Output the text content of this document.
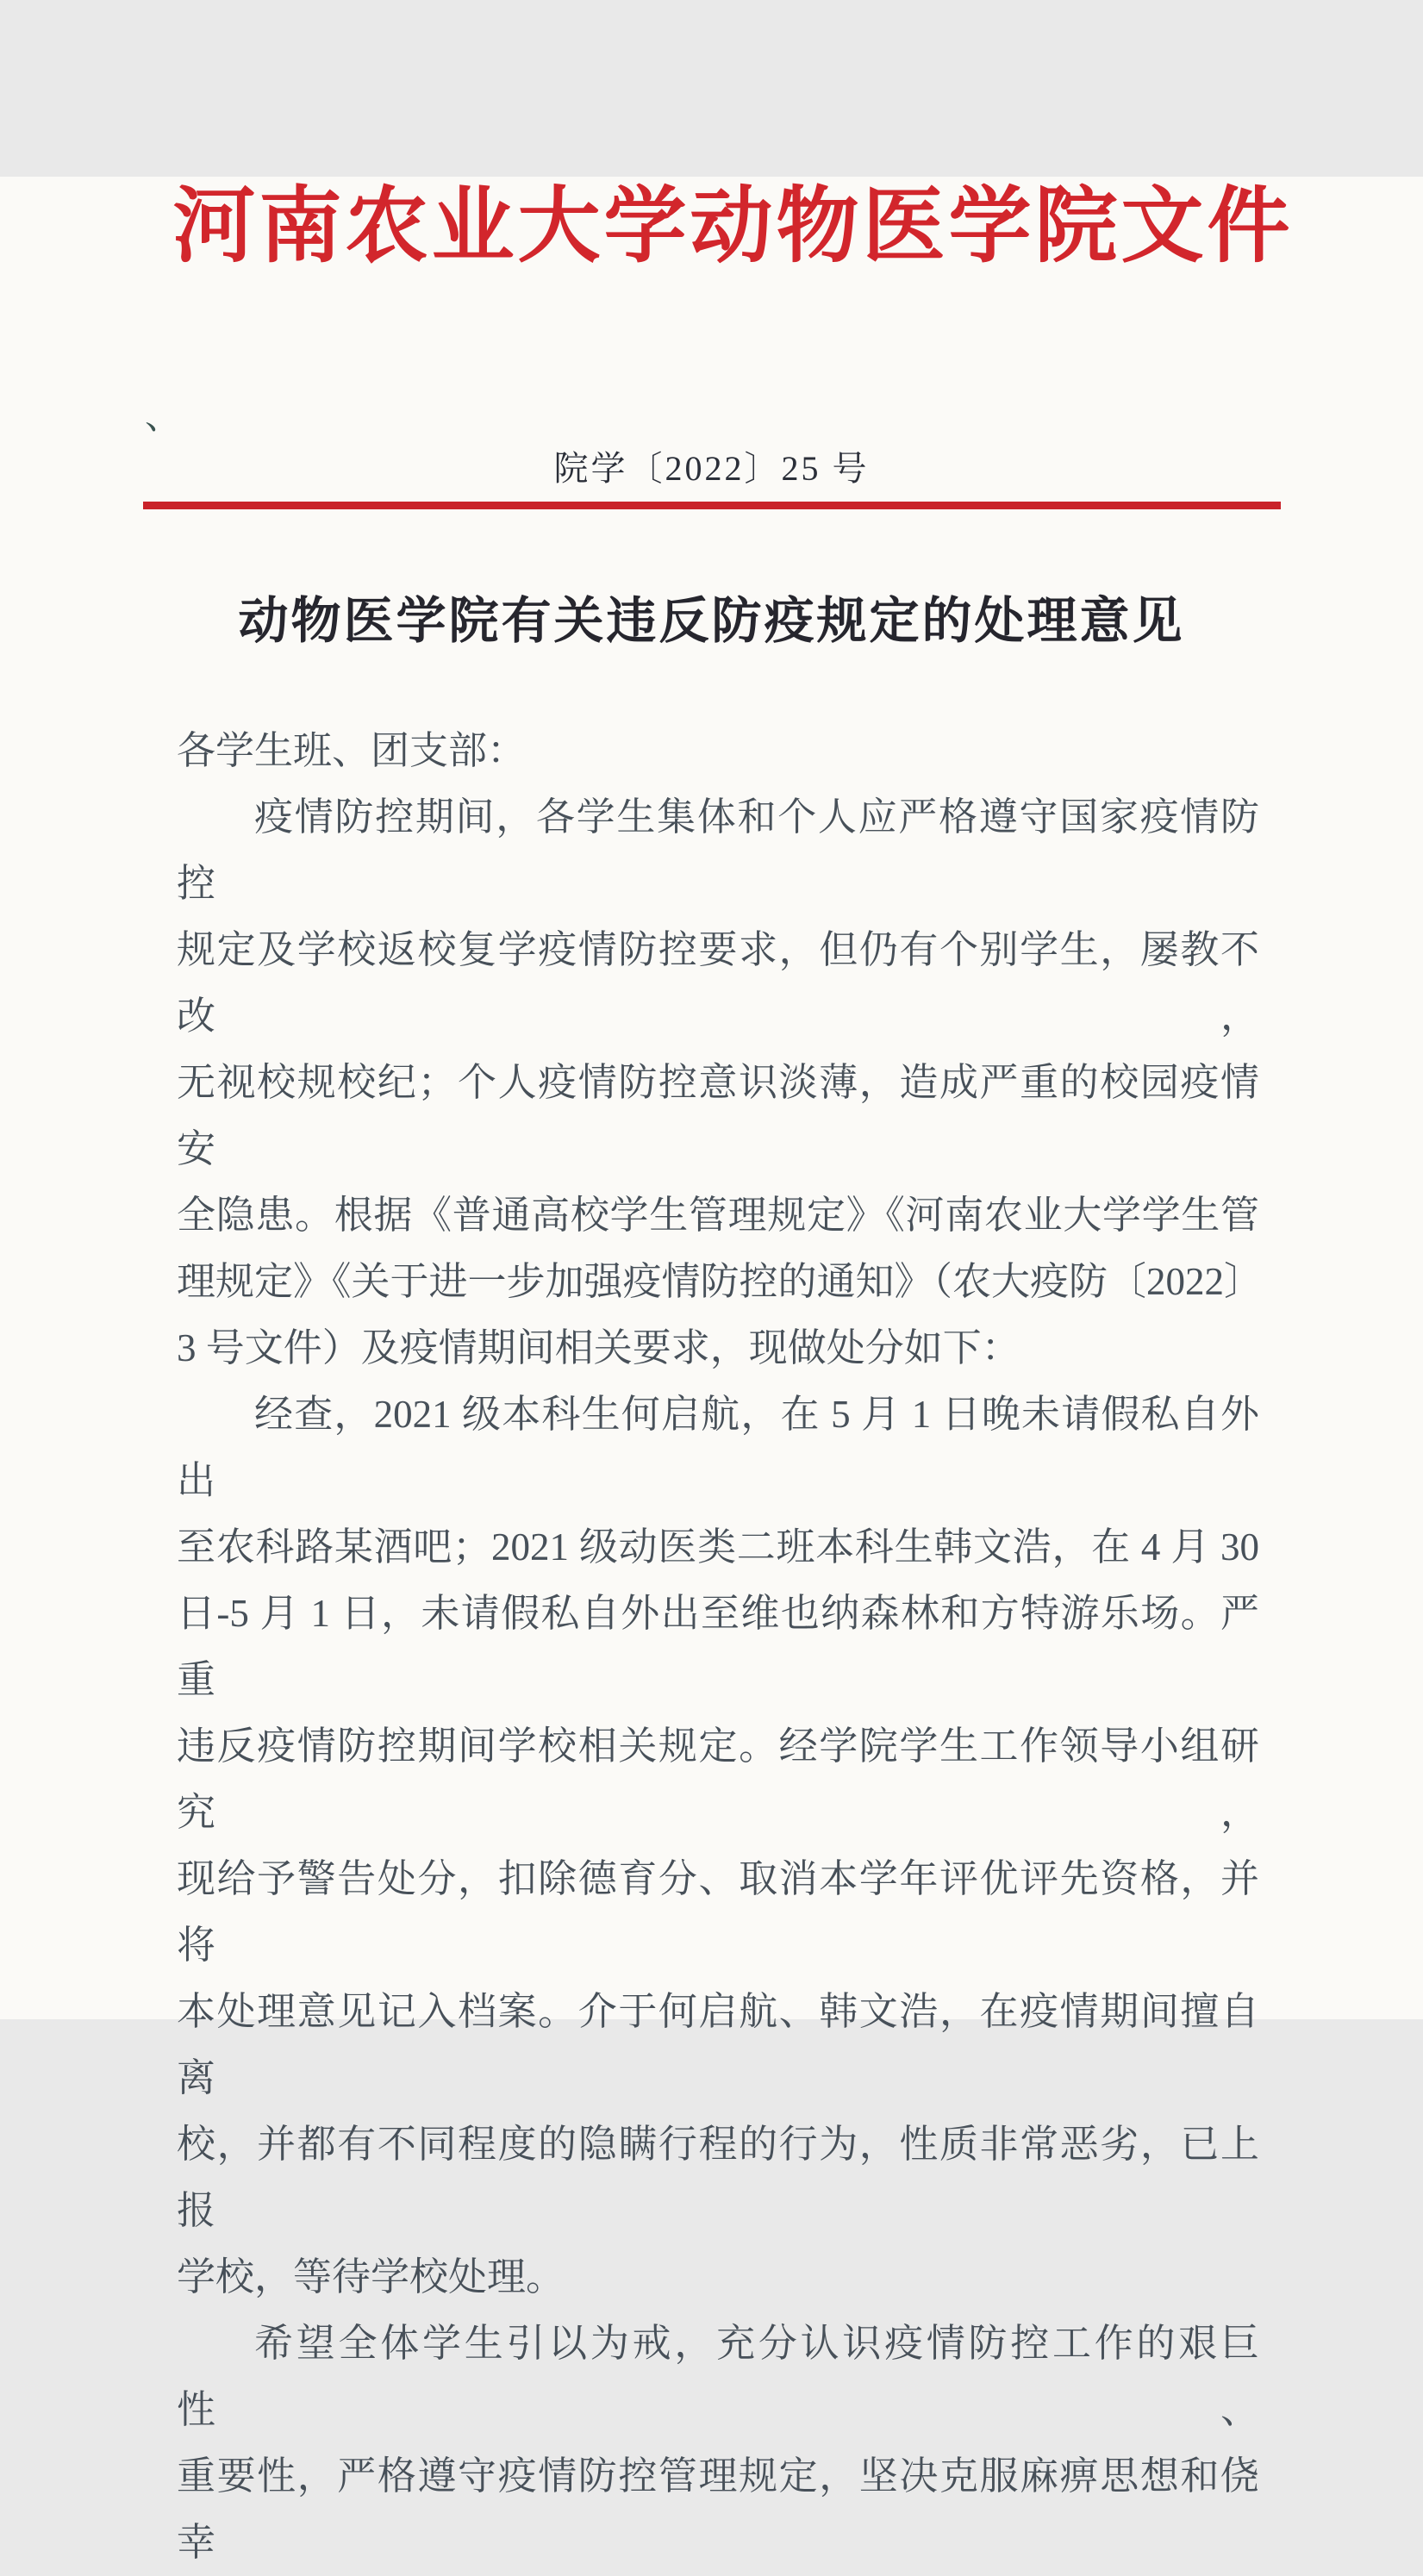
、
河南农业大学动物医学院文件
院学〔2022〕25 号
动物医学院有关违反防疫规定的处理意见
各学生班、团支部：
疫情防控期间，各学生集体和个人应严格遵守国家疫情防控
规定及学校返校复学疫情防控要求，但仍有个别学生，屡教不改，
无视校规校纪；个人疫情防控意识淡薄，造成严重的校园疫情安
全隐患。根据《普通高校学生管理规定》《河南农业大学学生管
理规定》《关于进一步加强疫情防控的通知》（农大疫防〔2022〕
3 号文件）及疫情期间相关要求，现做处分如下：
经查，2021 级本科生何启航，在 5 月 1 日晚未请假私自外出
至农科路某酒吧；2021 级动医类二班本科生韩文浩，在 4 月 30
日-5 月 1 日，未请假私自外出至维也纳森林和方特游乐场。严重
违反疫情防控期间学校相关规定。经学院学生工作领导小组研究，
现给予警告处分，扣除德育分、取消本学年评优评先资格，并将
本处理意见记入档案。介于何启航、韩文浩，在疫情期间擅自离
校，并都有不同程度的隐瞒行程的行为，性质非常恶劣，已上报
学校，等待学校处理。
希望全体学生引以为戒，充分认识疫情防控工作的艰巨性、
重要性，严格遵守疫情防控管理规定，坚决克服麻痹思想和侥幸
